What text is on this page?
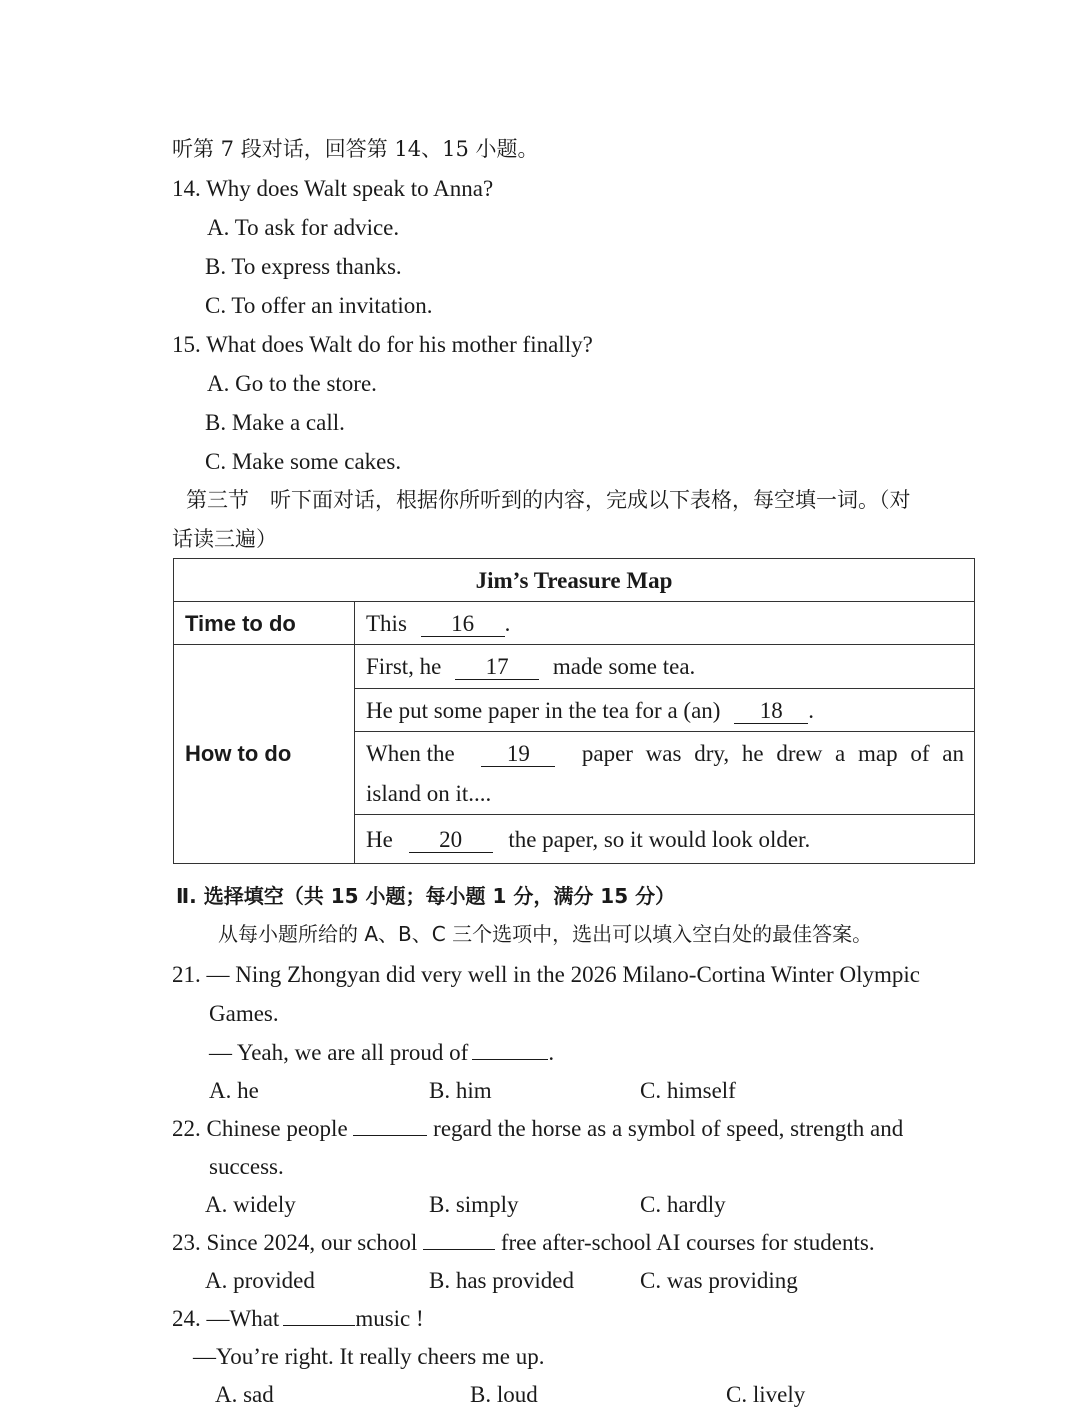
听第 7 段对话，回答第 14、15 小题。
14. Why does Walt speak to Anna?
A. To ask for advice.
B. To express thanks.
C. To offer an invitation.
15. What does Walt do for his mother finally?
A. Go to the store.
B. Make a call.
C. Make some cakes.
第三节　听下面对话，根据你所听到的内容，完成以下表格，每空填一词。（对
话读三遍）
Jim’s Treasure Map
Time to do	This 16 .
How to do
First, he 17 made some tea.
He put some paper in the tea for a (an) 18 .
When the	19	paper was dry, he drew a map of an
island on it....
He 20 the paper, so it would look older.
Ⅱ. 选择填空（共 15 小题；每小题 1 分，满分 15 分）
从每小题所给的 A、B、C 三个选项中，选出可以填入空白处的最佳答案。
21. — Ning Zhongyan did very well in the 2026 Milano-Cortina Winter Olympic
Games.
— Yeah, we are all proud of	.
A. he	B. him	C. himself
22. Chinese people	regard the horse as a symbol of speed, strength and
success.
A. widely	B. simply	C. hardly
23. Since 2024, our school	free after-school AI courses for students.
A. provided	B. has provided	C. was providing
24. —What	music !
—You’re right. It really cheers me up.
A. sad	B. loud	C. lively
